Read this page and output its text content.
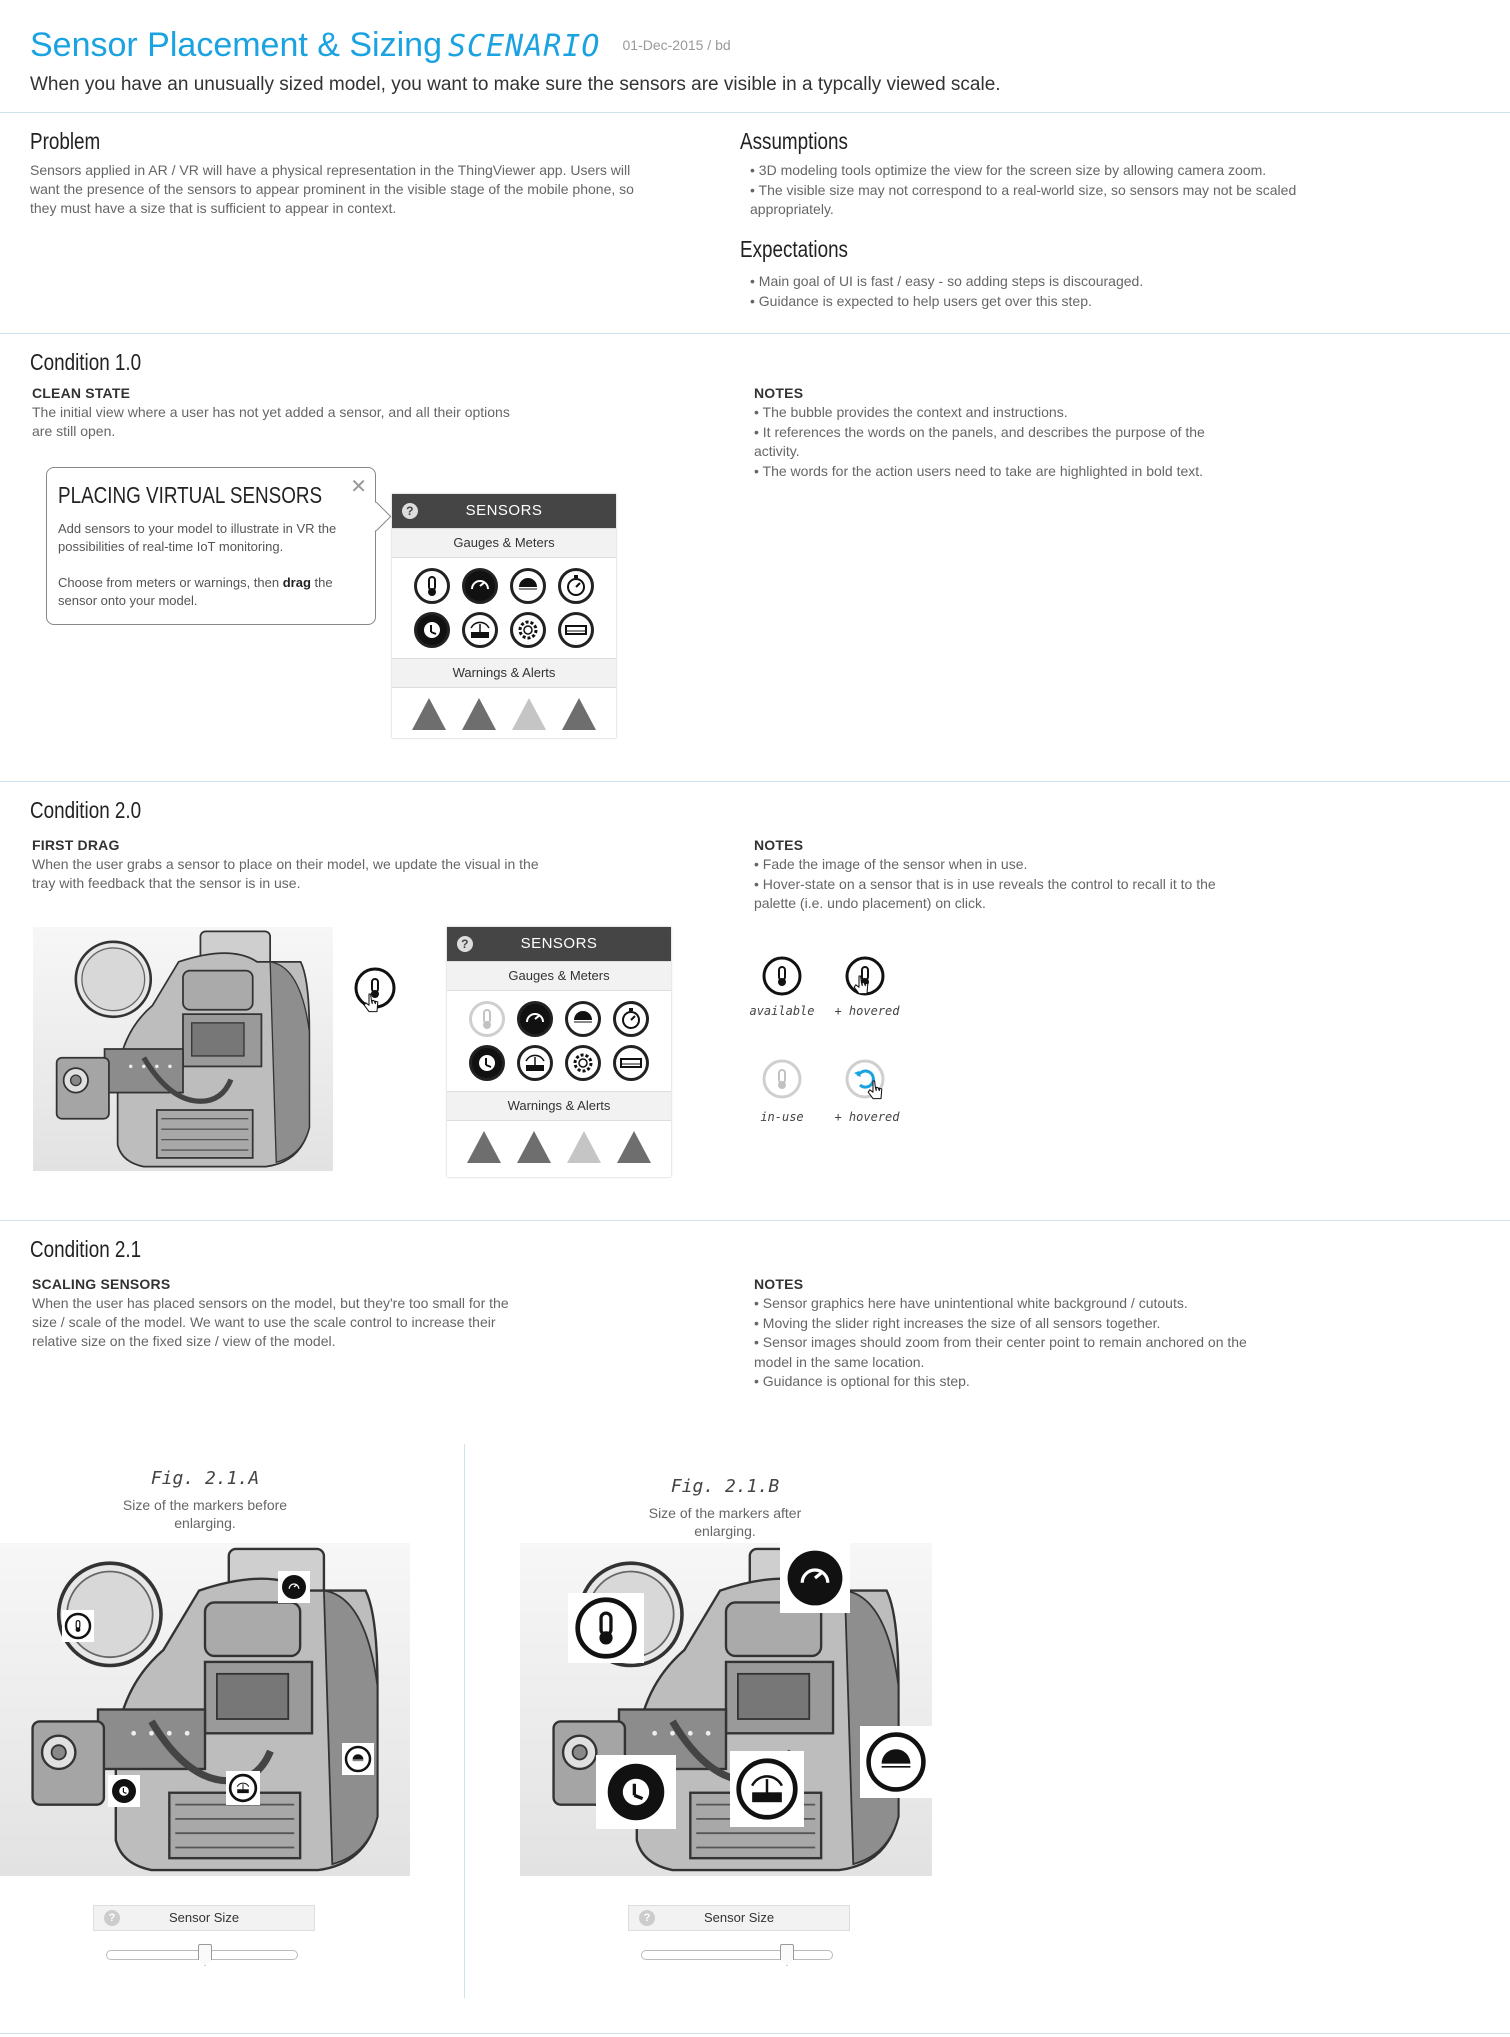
Sensor Placement & Sizing SCENARIO 01-Dec-2015 / bd
When you have an unusually sized model, you want to make sure the sensors are visible in a typcally viewed scale.
Problem
Sensors applied in AR / VR will have a physical representation in the ThingViewer app. Users will want the presence of the sensors to appear prominent in the visible stage of the mobile phone, so they must have a size that is sufficient to appear in context.
Assumptions
• 3D modeling tools optimize the view for the screen size by allowing camera zoom.
• The visible size may not correspond to a real-world size, so sensors may not be scaled appropriately.
Expectations
• Main goal of UI is fast / easy - so adding steps is discouraged.
• Guidance is expected to help users get over this step.
Condition 1.0
CLEAN STATE
The initial view where a user has not yet added a sensor, and all their options are still open.
NOTES
• The bubble provides the context and instructions.
• It references the words on the panels, and describes the purpose of the activity.
• The words for the action users need to take are highlighted in bold text.
PLACING VIRTUAL SENSORS ✕
Add sensors to your model to illustrate in VR the possibilities of real-time IoT monitoring.
Choose from meters or warnings, then drag the sensor onto your model.
?	SENSORS
Gauges & Meters
Warnings & Alerts
Condition 2.0
FIRST DRAG
When the user grabs a sensor to place on their model, we update the visual in the tray with feedback that the sensor is in use.
NOTES
• Fade the image of the sensor when in use.
• Hover-state on a sensor that is in use reveals the control to recall it to the palette (i.e. undo placement) on click.
?	SENSORS
Gauges & Meters
Warnings & Alerts
available	+ hovered
in-use	+ hovered
Condition 2.1
SCALING SENSORS
When the user has placed sensors on the model, but they're too small for the size / scale of the model. We want to use the scale control to increase their relative size on the fixed size / view of the model.
NOTES
• Sensor graphics here have unintentional white background / cutouts.
• Moving the slider right increases the size of all sensors together.
• Sensor images should zoom from their center point to remain anchored on the model in the same location.
• Guidance is optional for this step.
Fig. 2.1.A
Size of the markers before enlarging.
?	Sensor Size
Fig. 2.1.B
Size of the markers after enlarging.
?	Sensor Size
